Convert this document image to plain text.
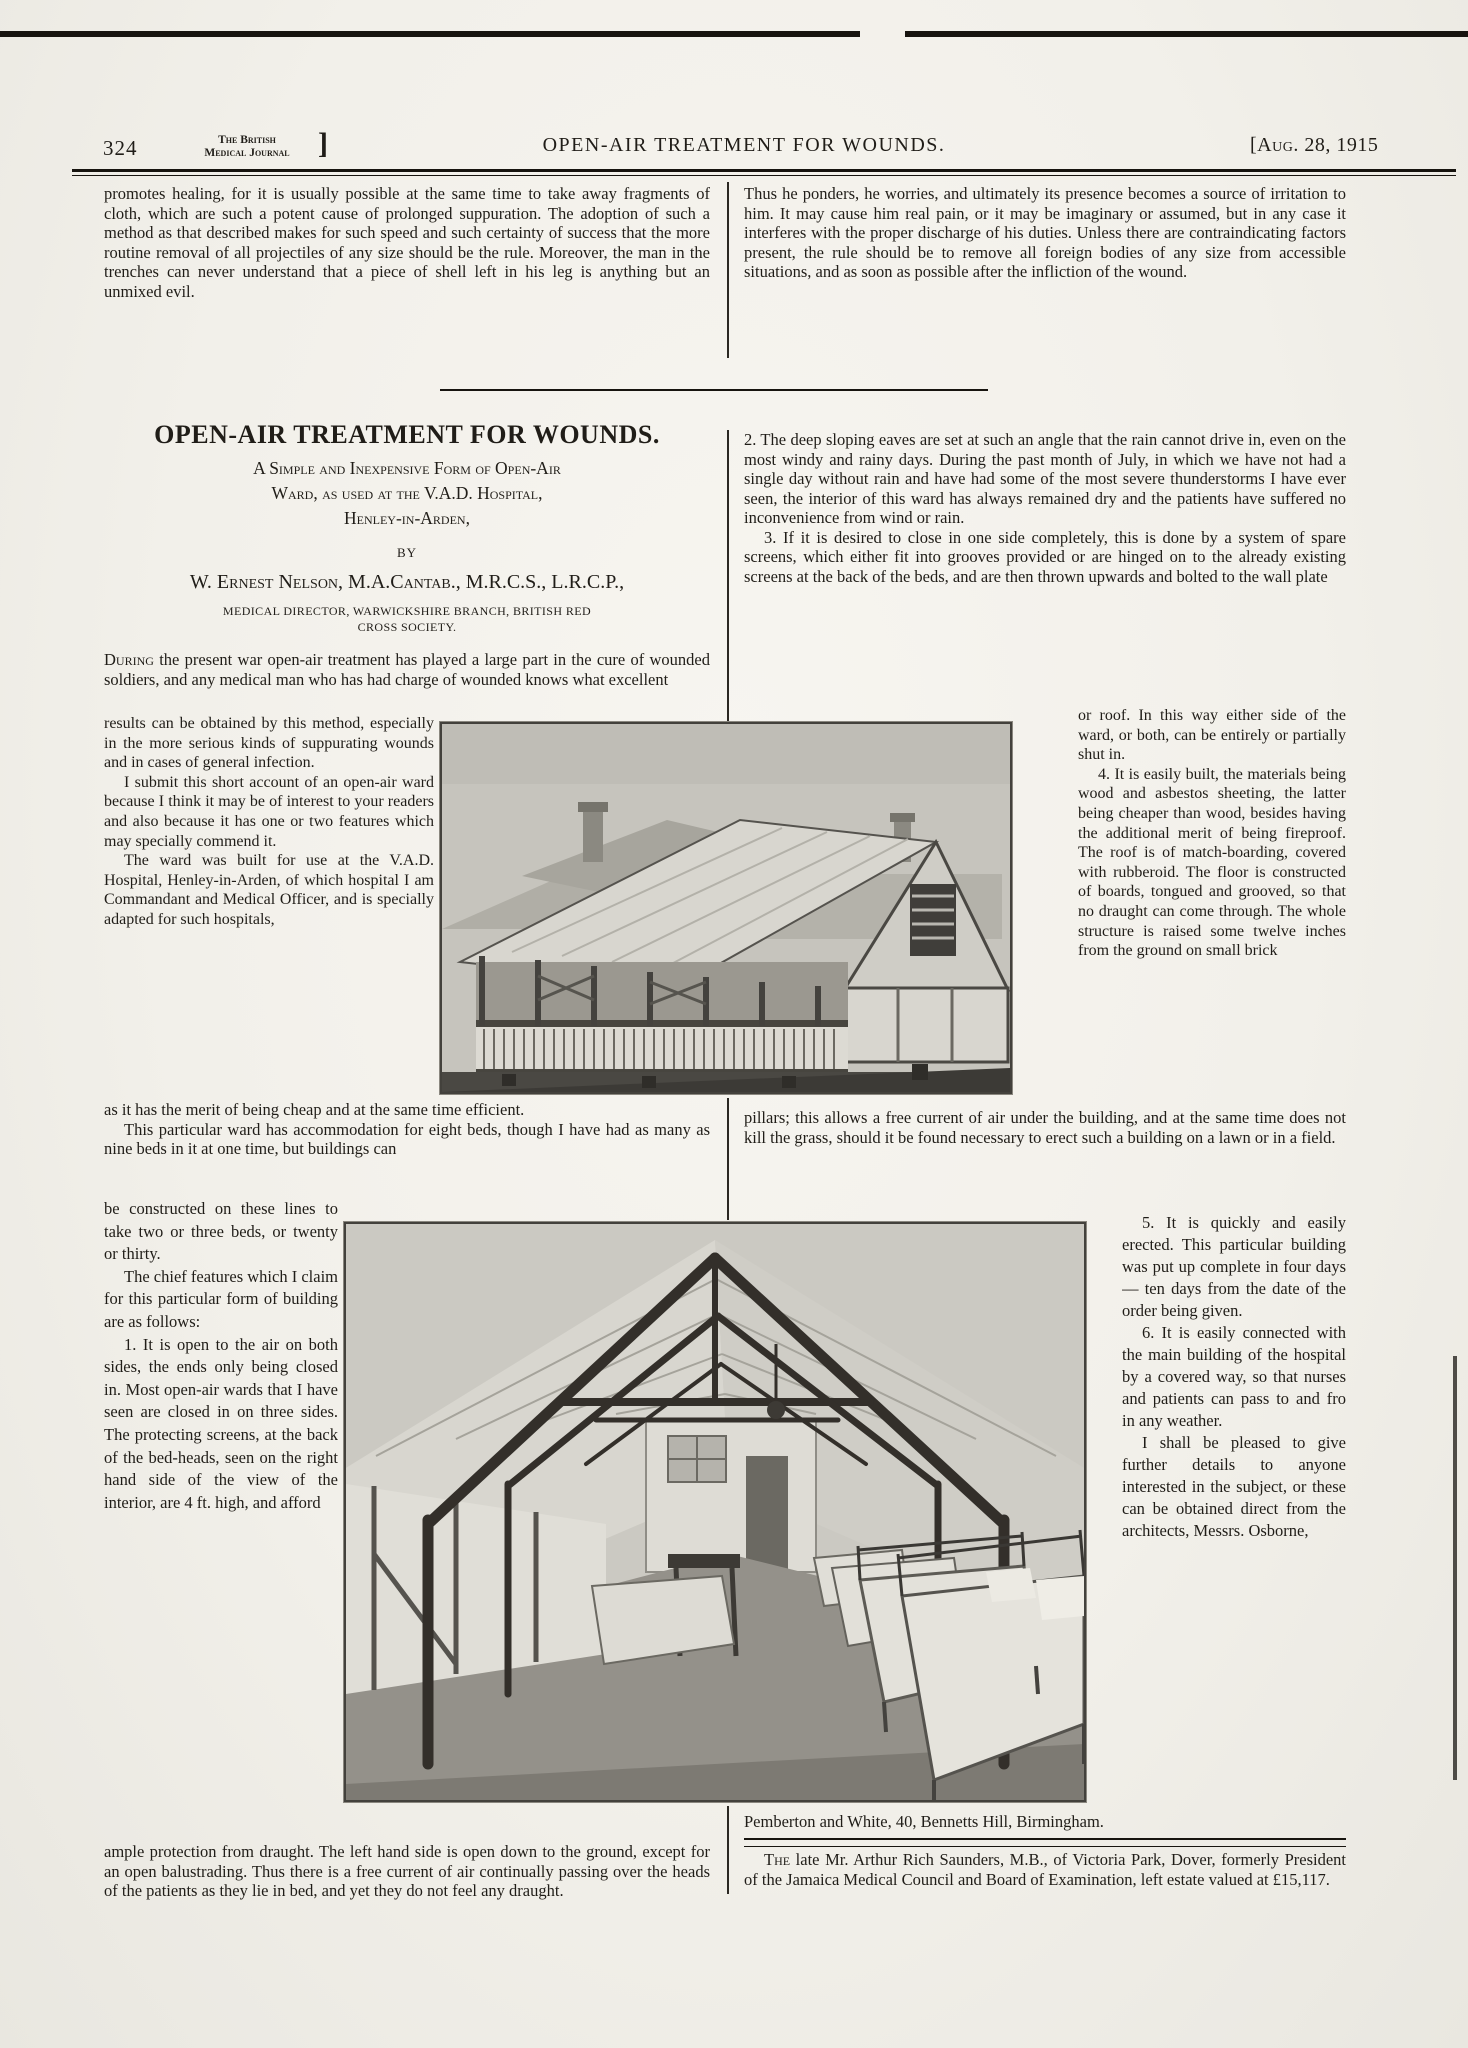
324	The British
Medical Journal ]	OPEN-AIR TREATMENT FOR WOUNDS.	[Aug. 28, 1915

promotes healing, for it is usually possible at the same time to take away fragments of cloth, which are such a potent cause of prolonged suppuration. The adoption of such a method as that described makes for such speed and such certainty of success that the more routine removal of all projectiles of any size should be the rule. Moreover, the man in the trenches can never understand that a piece of shell left in his leg is anything but an unmixed evil.

Thus he ponders, he worries, and ultimately its presence becomes a source of irritation to him. It may cause him real pain, or it may be imaginary or assumed, but in any case it interferes with the proper discharge of his duties. Unless there are contraindicating factors present, the rule should be to remove all foreign bodies of any size from accessible situations, and as soon as possible after the infliction of the wound.

OPEN-AIR TREATMENT FOR WOUNDS.
A Simple and Inexpensive Form of Open-Air
Ward, as used at the V.A.D. Hospital,
Henley-in-Arden,
BY
W. Ernest Nelson, M.A.Cantab., M.R.C.S., L.R.C.P.,
MEDICAL DIRECTOR, WARWICKSHIRE BRANCH, BRITISH RED
CROSS SOCIETY.

During the present war open-air treatment has played a large part in the cure of wounded soldiers, and any medical man who has had charge of wounded knows what excellent

results can be obtained by this method, especially in the more serious kinds of suppurating wounds and in cases of general infection.

I submit this short account of an open-air ward because I think it may be of interest to your readers and also because it has one or two features which may specially commend it.

The ward was built for use at the V.A.D. Hospital, Henley-in-Arden, of which hospital I am Commandant and Medical Officer, and is specially adapted for such hospitals,

2. The deep sloping eaves are set at such an angle that the rain cannot drive in, even on the most windy and rainy days. During the past month of July, in which we have not had a single day without rain and have had some of the most severe thunderstorms I have ever seen, the interior of this ward has always remained dry and the patients have suffered no inconvenience from wind or rain.

3. If it is desired to close in one side completely, this is done by a system of spare screens, which either fit into grooves provided or are hinged on to the already existing screens at the back of the beds, and are then thrown upwards and bolted to the wall plate

or roof. In this way either side of the ward, or both, can be entirely or partially shut in.

4. It is easily built, the materials being wood and asbestos sheeting, the latter being cheaper than wood, besides having the additional merit of being fireproof. The roof is of match-boarding, covered with rubberoid. The floor is constructed of boards, tongued and grooved, so that no draught can come through. The whole structure is raised some twelve inches from the ground on small brick

as it has the merit of being cheap and at the same time efficient.

This particular ward has accommodation for eight beds, though I have had as many as nine beds in it at one time, but buildings can

pillars; this allows a free current of air under the building, and at the same time does not kill the grass, should it be found necessary to erect such a building on a lawn or in a field.

be constructed on these lines to take two or three beds, or twenty or thirty.

The chief features which I claim for this particular form of building are as follows:

1. It is open to the air on both sides, the ends only being closed in. Most open-air wards that I have seen are closed in on three sides. The protecting screens, at the back of the bed-heads, seen on the right hand side of the view of the interior, are 4 ft. high, and afford

5. It is quickly and easily erected. This particular building was put up complete in four days — ten days from the date of the order being given.

6. It is easily connected with the main building of the hospital by a covered way, so that nurses and patients can pass to and fro in any weather.

I shall be pleased to give further details to anyone interested in the subject, or these can be obtained direct from the architects, Messrs. Osborne,

ample protection from draught. The left hand side is open down to the ground, except for an open balustrading. Thus there is a free current of air continually passing over the heads of the patients as they lie in bed, and yet they do not feel any draught.

Pemberton and White, 40, Bennetts Hill, Birmingham.

The late Mr. Arthur Rich Saunders, M.B., of Victoria Park, Dover, formerly President of the Jamaica Medical Council and Board of Examination, left estate valued at £15,117.
